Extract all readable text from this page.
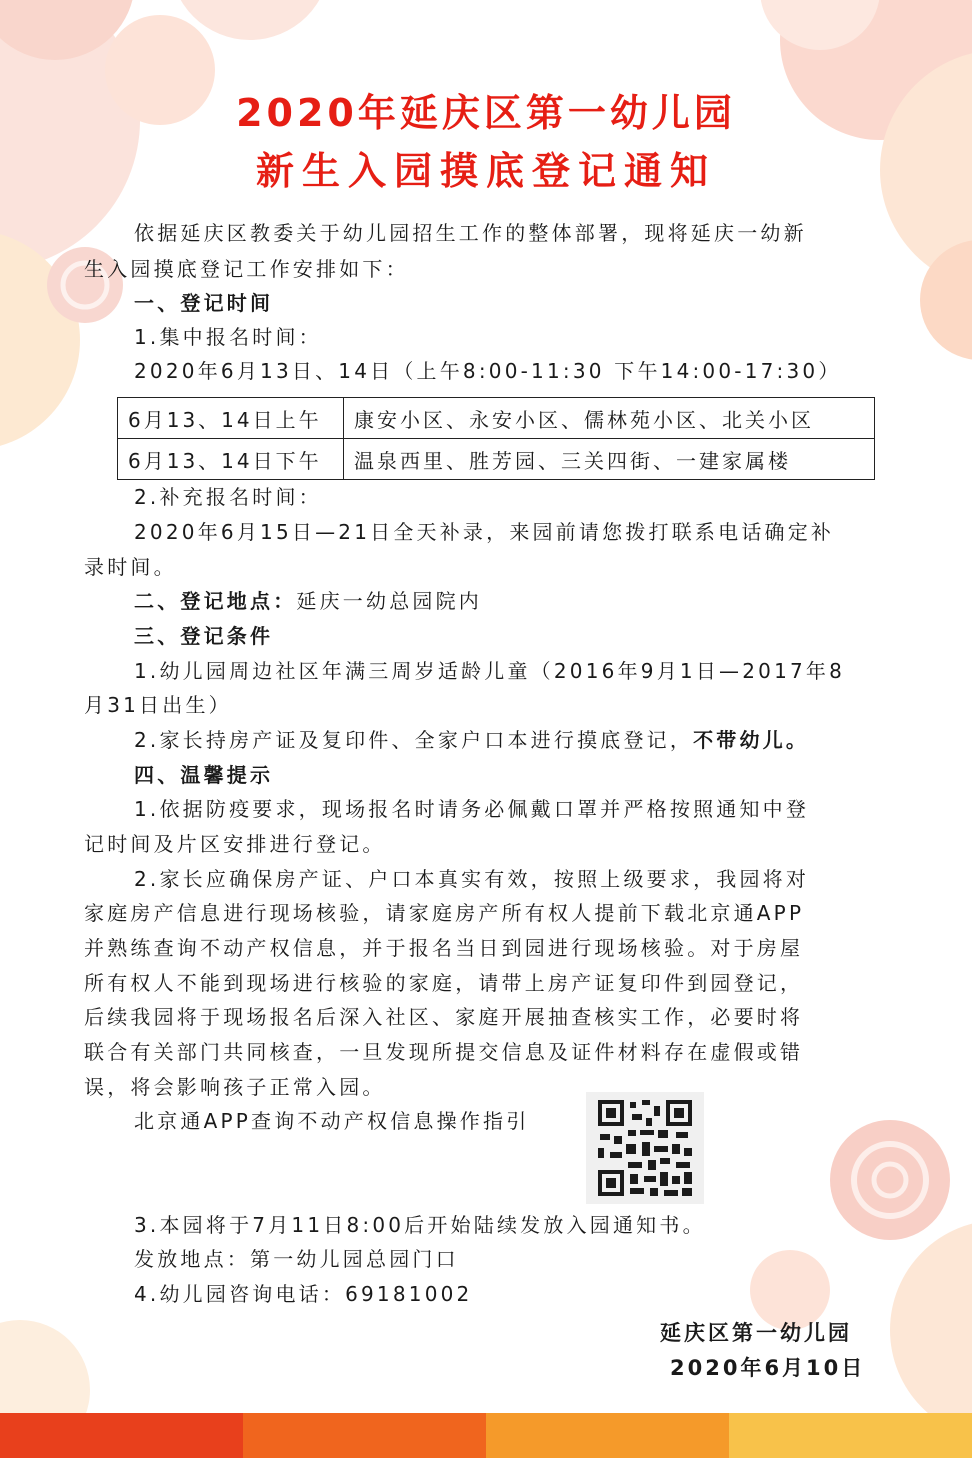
2020年延庆区第一幼儿园
新生入园摸底登记通知
依据延庆区教委关于幼儿园招生工作的整体部署，现将延庆一幼新
生入园摸底登记工作安排如下：
一、登记时间
1.集中报名时间：
2020年6月13日、14日（上午8:00-11:30 下午14:00-17:30）
6月13、14日上午	康安小区、永安小区、儒林苑小区、北关小区
6月13、14日下午	温泉西里、胜芳园、三关四街、一建家属楼
2.补充报名时间：
2020年6月15日—21日全天补录，来园前请您拨打联系电话确定补
录时间。
二、登记地点：延庆一幼总园院内
三、登记条件
1.幼儿园周边社区年满三周岁适龄儿童（2016年9月1日—2017年8
月31日出生）
2.家长持房产证及复印件、全家户口本进行摸底登记，不带幼儿。
四、温馨提示
1.依据防疫要求，现场报名时请务必佩戴口罩并严格按照通知中登
记时间及片区安排进行登记。
2.家长应确保房产证、户口本真实有效，按照上级要求，我园将对
家庭房产信息进行现场核验，请家庭房产所有权人提前下载北京通APP
并熟练查询不动产权信息，并于报名当日到园进行现场核验。对于房屋
所有权人不能到现场进行核验的家庭，请带上房产证复印件到园登记，
后续我园将于现场报名后深入社区、家庭开展抽查核实工作，必要时将
联合有关部门共同核查，一旦发现所提交信息及证件材料存在虚假或错
误，将会影响孩子正常入园。
北京通APP查询不动产权信息操作指引
3.本园将于7月11日8:00后开始陆续发放入园通知书。
发放地点：第一幼儿园总园门口
4.幼儿园咨询电话：69181002
延庆区第一幼儿园
2020年6月10日
